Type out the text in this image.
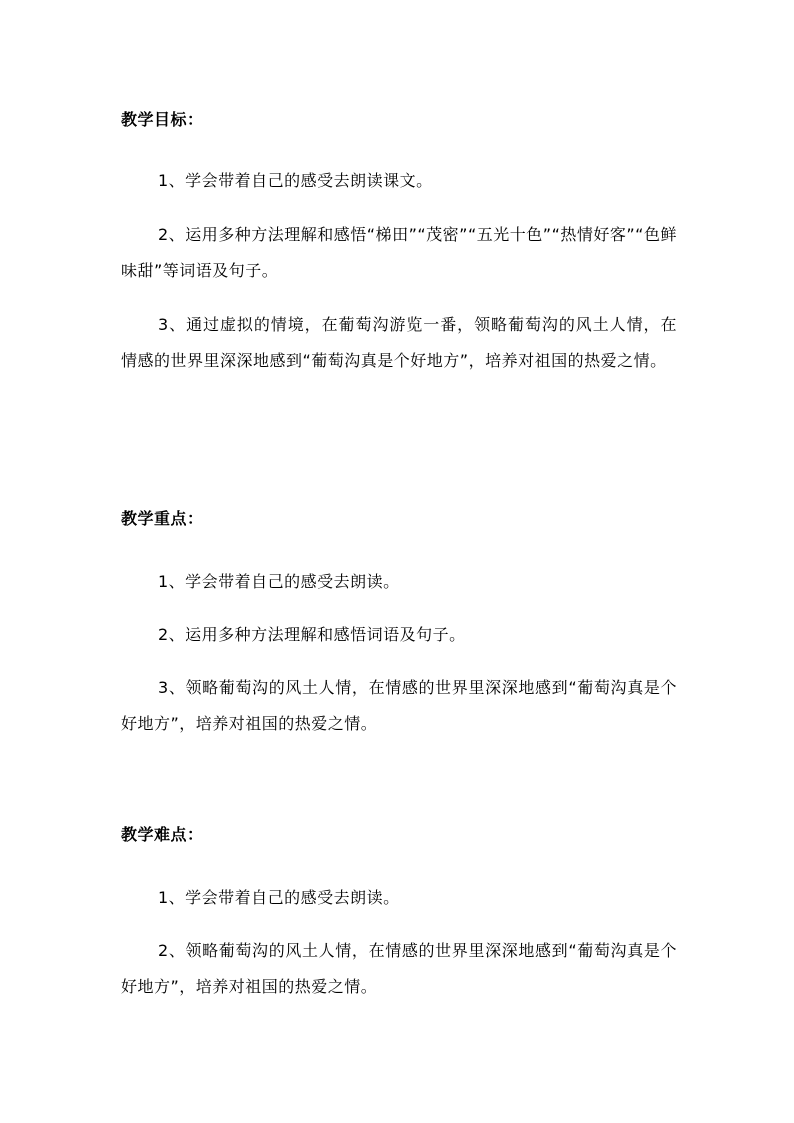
教学目标：

1、学会带着自己的感受去朗读课文。

2、运用多种方法理解和感悟“梯田”“茂密”“五光十色”“热情好客”“色鲜味甜”等词语及句子。

3、通过虚拟的情境，在葡萄沟游览一番，领略葡萄沟的风土人情，在情感的世界里深深地感到“葡萄沟真是个好地方”，培养对祖国的热爱之情。

教学重点：

1、学会带着自己的感受去朗读。

2、运用多种方法理解和感悟词语及句子。

3、领略葡萄沟的风土人情，在情感的世界里深深地感到“葡萄沟真是个好地方”，培养对祖国的热爱之情。

教学难点：

1、学会带着自己的感受去朗读。

2、领略葡萄沟的风土人情，在情感的世界里深深地感到“葡萄沟真是个好地方”，培养对祖国的热爱之情。
